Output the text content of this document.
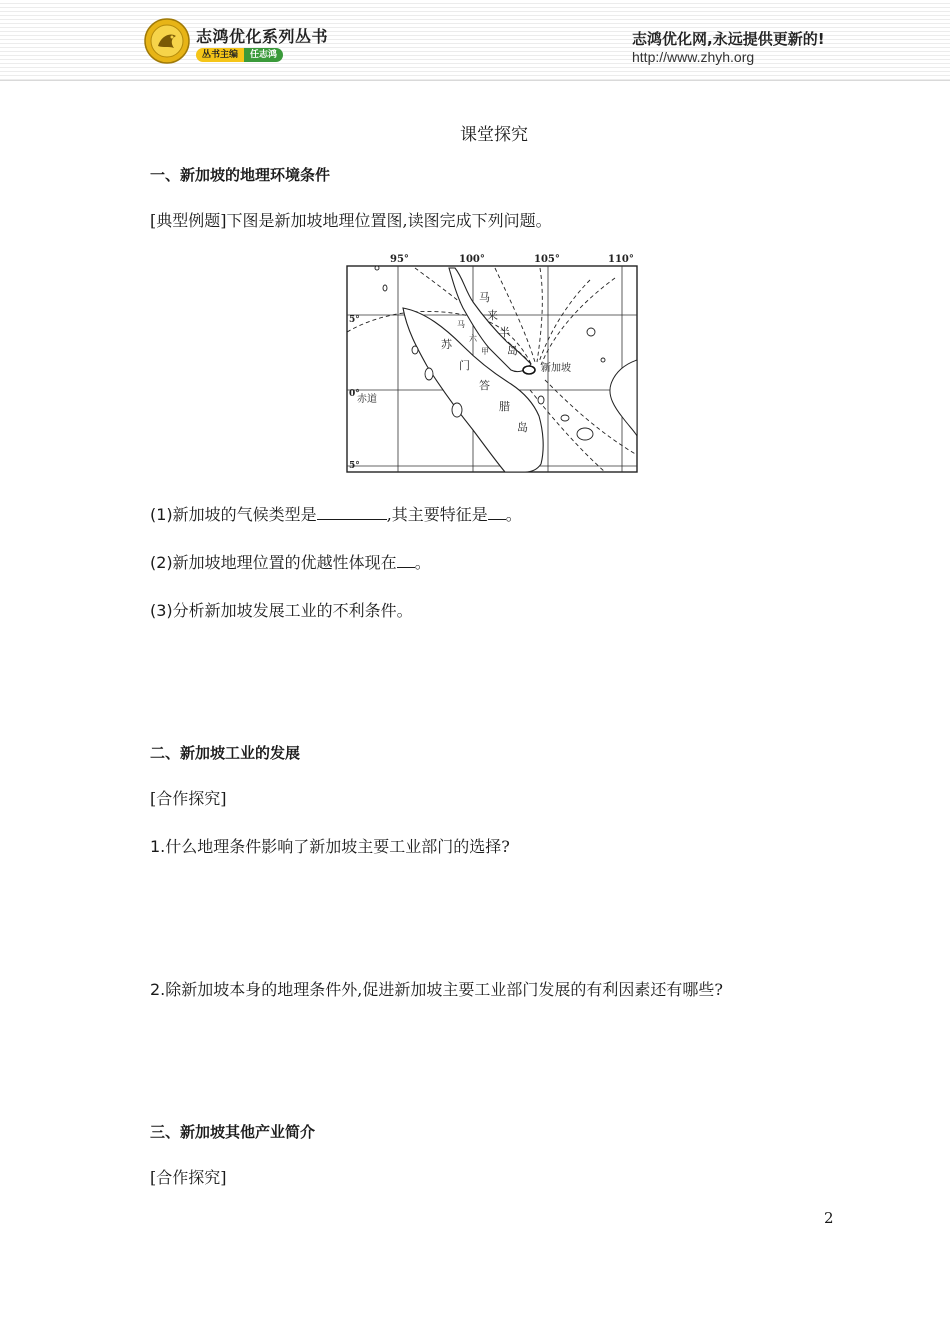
志鸿优化系列丛书
丛书主编	任志鸿
志鸿优化网,永远提供更新的!
http://www.zhyh.org
课堂探究
一、新加坡的地理环境条件
[典型例题]下图是新加坡地理位置图,读图完成下列问题。
95°	100°	105°	110°
5°
0°
5°
赤道
马
来
半
岛
马
六
甲
苏
门
答
腊
岛
新加坡
(1)新加坡的气候类型是	,其主要特征是 。
(2)新加坡地理位置的优越性体现在 。
(3)分析新加坡发展工业的不利条件。
二、新加坡工业的发展
[合作探究]
1.什么地理条件影响了新加坡主要工业部门的选择?
2.除新加坡本身的地理条件外,促进新加坡主要工业部门发展的有利因素还有哪些?
三、新加坡其他产业简介
[合作探究]
2
